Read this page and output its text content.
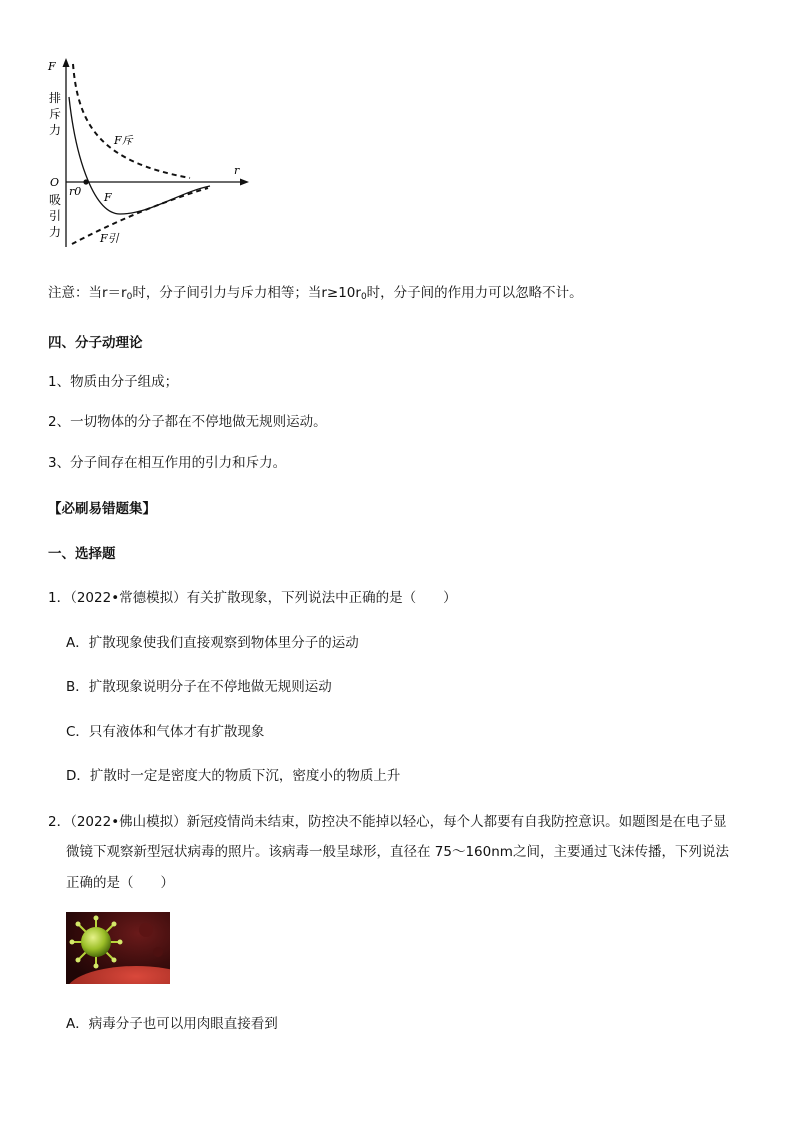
F
r
O
排
斥
力
吸
引
力
r0
F斥
F
F引
注意：当$r=r_0$时，分子间引力与斥力相等；当$r\ge 10r_0$时，分子间的作用力可以忽略不计。
四、分子动理论
1、物质由分子组成；
2、一切物体的分子都在不停地做无规则运动。
3、分子间存在相互作用的引力和斥力。
【必刷易错题集】
一、选择题
1．（2022•常德模拟）有关扩散现象，下列说法中正确的是（　　）
A．扩散现象使我们直接观察到物体里分子的运动
B．扩散现象说明分子在不停地做无规则运动
C．只有液体和气体才有扩散现象
D．扩散时一定是密度大的物质下沉，密度小的物质上升
2．（2022•佛山模拟）新冠疫情尚未结束，防控决不能掉以轻心，每个人都要有自我防控意识。如题图是在电子显
微镜下观察新型冠状病毒的照片。该病毒一般呈球形，直径在 75～160nm之间，主要通过飞沫传播，下列说法
正确的是（　　）
A．病毒分子也可以用肉眼直接看到
